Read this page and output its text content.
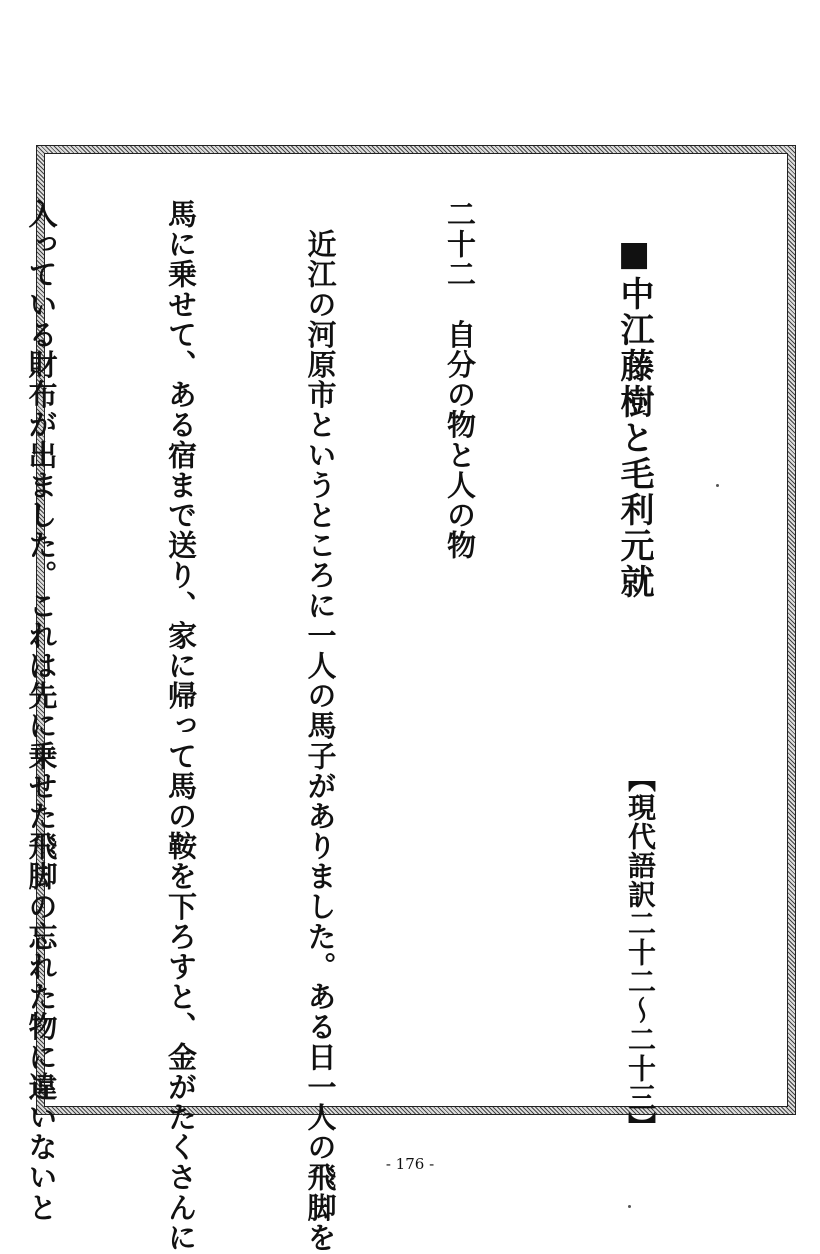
■中江藤樹と毛利元就
【現代語訳二十二～二十三】

二十二　自分の物と人の物

　近江の河原市というところに一人の馬子がありました。ある日一人の飛脚を

馬に乗せて、ある宿まで送り、家に帰って馬の鞍を下ろすと、金がたくさんに

入っている財布が出ました。これは先に乗せた飛脚の忘れた物に違いないと

	- 176 -
